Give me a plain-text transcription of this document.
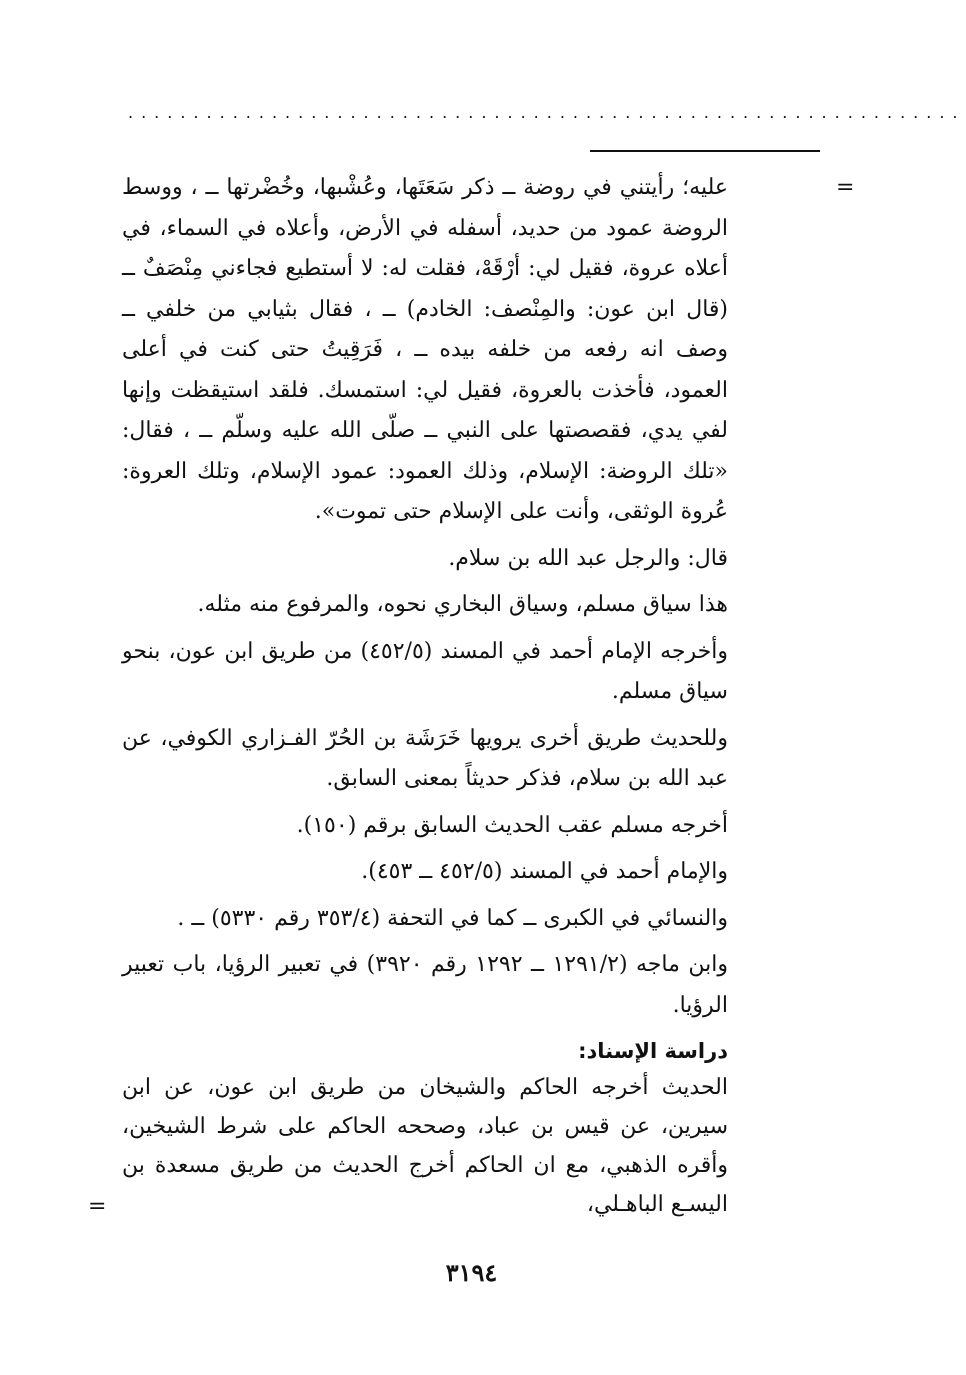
................................................................
=
=

عليه؛ رأيتني في روضة ــ ذكر سَعَتَها، وعُشْبها، وخُضْرتها ــ ، ووسط الروضة عمود من حديد، أسفله في الأرض، وأعلاه في السماء، في أعلاه عروة، فقيل لي: أرْقَهْ، فقلت له: لا أستطيع فجاءني مِنْصَفٌ ــ (قال ابن عون: والمِنْصف: الخادم) ــ ، فقال بثيابي من خلفي ــ وصف انه رفعه من خلفه بيده ــ ، فَرَقِيتُ حتى كنت في أعلى العمود، فأخذت بالعروة، فقيل لي: استمسك. فلقد استيقظت وإنها لفي يدي، فقصصتها على النبي ــ صلّى الله عليه وسلّم ــ ، فقال: «تلك الروضة: الإسلام، وذلك العمود: عمود الإسلام، وتلك العروة: عُروة الوثقى، وأنت على الإسلام حتى تموت».

قال: والرجل عبد الله بن سلام.

هذا سياق مسلم، وسياق البخاري نحوه، والمرفوع منه مثله.

وأخرجه الإمام أحمد في المسند (٤٥٢/٥) من طريق ابن عون، بنحو سياق مسلم.

وللحديث طريق أخرى يرويها خَرَشَة بن الحُرّ الفـزاري الكوفي، عن عبد الله بن سلام، فذكر حديثاً بمعنى السابق.

أخرجه مسلم عقب الحديث السابق برقم (١٥٠).

والإمام أحمد في المسند (٤٥٢/٥ ــ ٤٥٣).

والنسائي في الكبرى ــ كما في التحفة (٣٥٣/٤ رقم ٥٣٣٠) ــ .

وابن ماجه (١٢٩١/٢ ــ ١٢٩٢ رقم ٣٩٢٠) في تعبير الرؤيا، باب تعبير الرؤيا.

دراسة الإسناد:

الحديث أخرجه الحاكم والشيخان من طريق ابن عون، عن ابن سيرين، عن قيس بن عباد، وصححه الحاكم على شرط الشيخين، وأقره الذهبي، مع ان الحاكم أخرج الحديث من طريق مسعدة بن اليسـع الباهـلي،

٣١٩٤
